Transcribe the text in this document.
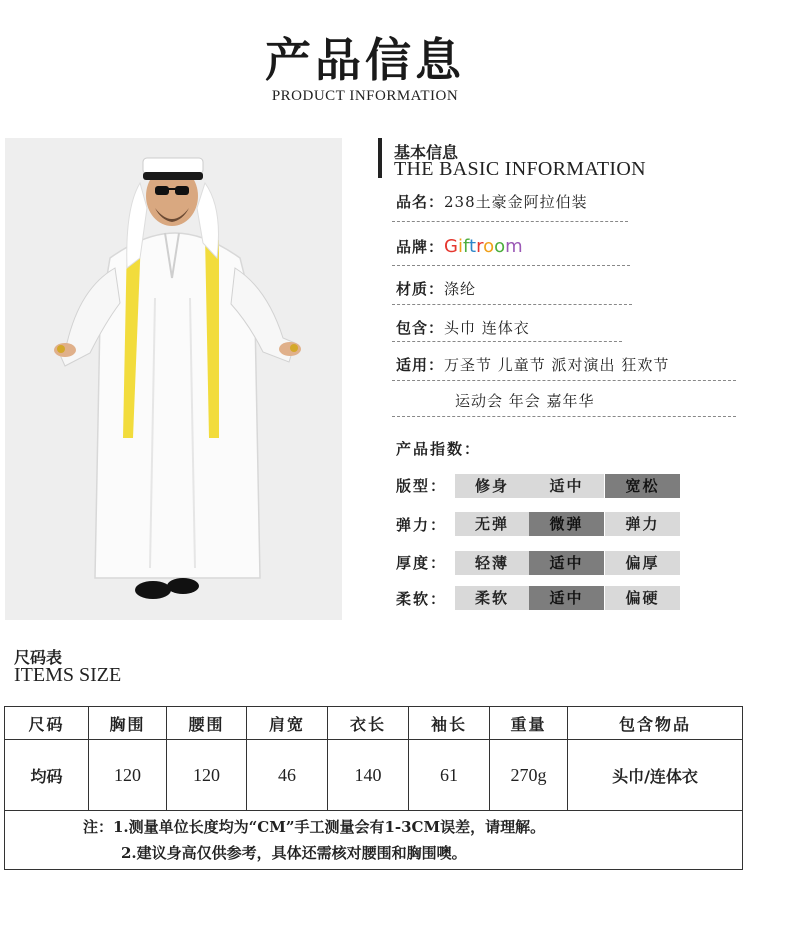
产品信息
PRODUCT INFORMATION
基本信息
THE BASIC INFORMATION
品名：238土豪金阿拉伯装
品牌：Giftroom
材质：涤纶
包含：头巾 连体衣
适用：万圣节 儿童节 派对演出 狂欢节
运动会 年会 嘉年华
产品指数：
版型：	修身	适中	宽松
弹力：	无弹	微弹	弹力
厚度：	轻薄	适中	偏厚
柔软：	柔软	适中	偏硬
尺码表
ITEMS SIZE
尺码	胸围	腰围	肩宽	衣长	袖长	重量	包含物品
均码	120	120	46	140	61	270g	头巾/连体衣

注：1.测量单位长度均为“CM”手工测量会有1-3CM误差，请理解。
2.建议身高仅供参考，具体还需核对腰围和胸围噢。							
